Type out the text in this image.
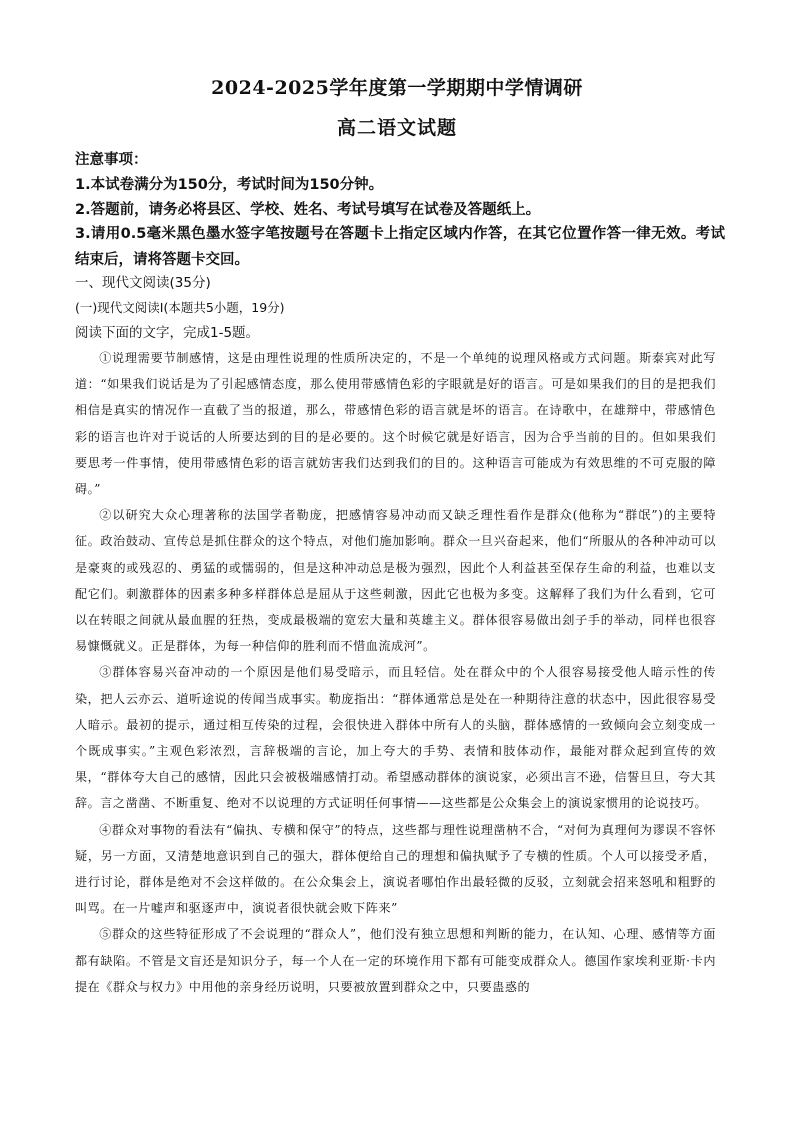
2024-2025学年度第一学期期中学情调研
高二语文试题
注意事项：
1.本试卷满分为150分，考试时间为150分钟。
2.答题前，请务必将县区、学校、姓名、考试号填写在试卷及答题纸上。
3.请用0.5毫米黑色墨水签字笔按题号在答题卡上指定区域内作答，在其它位置作答一律无效。考试结束后，请将答题卡交回。
一、现代文阅读(35分)
(一)现代文阅读Ⅰ(本题共5小题，19分)
阅读下面的文字，完成1-5题。

①说理需要节制感情，这是由理性说理的性质所决定的，不是一个单纯的说理风格或方式问题。斯泰宾对此写道：“如果我们说话是为了引起感情态度，那么使用带感情色彩的字眼就是好的语言。可是如果我们的目的是把我们相信是真实的情况作一直截了当的报道，那么，带感情色彩的语言就是坏的语言。在诗歌中，在雄辩中，带感情色彩的语言也许对于说话的人所要达到的目的是必要的。这个时候它就是好语言，因为合乎当前的目的。但如果我们要思考一件事情，使用带感情色彩的语言就妨害我们达到我们的目的。这种语言可能成为有效思维的不可克服的障碍。”

②以研究大众心理著称的法国学者勒庞，把感情容易冲动而又缺乏理性看作是群众(他称为“群氓”)的主要特征。政治鼓动、宣传总是抓住群众的这个特点，对他们施加影响。群众一旦兴奋起来，他们“所服从的各种冲动可以是豪爽的或残忍的、勇猛的或懦弱的，但是这种冲动总是极为强烈，因此个人利益甚至保存生命的利益，也难以支配它们。刺激群体的因素多种多样群体总是屈从于这些刺激，因此它也极为多变。这解释了我们为什么看到，它可以在转眼之间就从最血腥的狂热，变成最极端的宽宏大量和英雄主义。群体很容易做出刽子手的举动，同样也很容易慷慨就义。正是群体，为每一种信仰的胜利而不惜血流成河”。

③群体容易兴奋冲动的一个原因是他们易受暗示，而且轻信。处在群众中的个人很容易接受他人暗示性的传染，把人云亦云、道听途说的传闻当成事实。勒庞指出：“群体通常总是处在一种期待注意的状态中，因此很容易受人暗示。最初的提示，通过相互传染的过程，会很快进入群体中所有人的头脑，群体感情的一致倾向会立刻变成一个既成事实。”主观色彩浓烈，言辞极端的言论，加上夸大的手势、表情和肢体动作，最能对群众起到宣传的效果，“群体夸大自己的感情，因此只会被极端感情打动。希望感动群体的演说家，必须出言不逊，信誓旦旦，夸大其辞。言之凿凿、不断重复、绝对不以说理的方式证明任何事情——这些都是公众集会上的演说家惯用的论说技巧。

④群众对事物的看法有“偏执、专横和保守”的特点，这些都与理性说理凿枘不合，“对何为真理何为谬误不容怀疑，另一方面，又清楚地意识到自己的强大，群体便给自己的理想和偏执赋予了专横的性质。个人可以接受矛盾，进行讨论，群体是绝对不会这样做的。在公众集会上，演说者哪怕作出最轻微的反驳，立刻就会招来怒吼和粗野的叫骂。在一片嘘声和驱逐声中，演说者很快就会败下阵来”

⑤群众的这些特征形成了不会说理的“群众人”，他们没有独立思想和判断的能力，在认知、心理、感情等方面都有缺陷。不管是文盲还是知识分子，每一个人在一定的环境作用下都有可能变成群众人。德国作家埃利亚斯·卡内提在《群众与权力》中用他的亲身经历说明，只要被放置到群众之中，只要蛊惑的
